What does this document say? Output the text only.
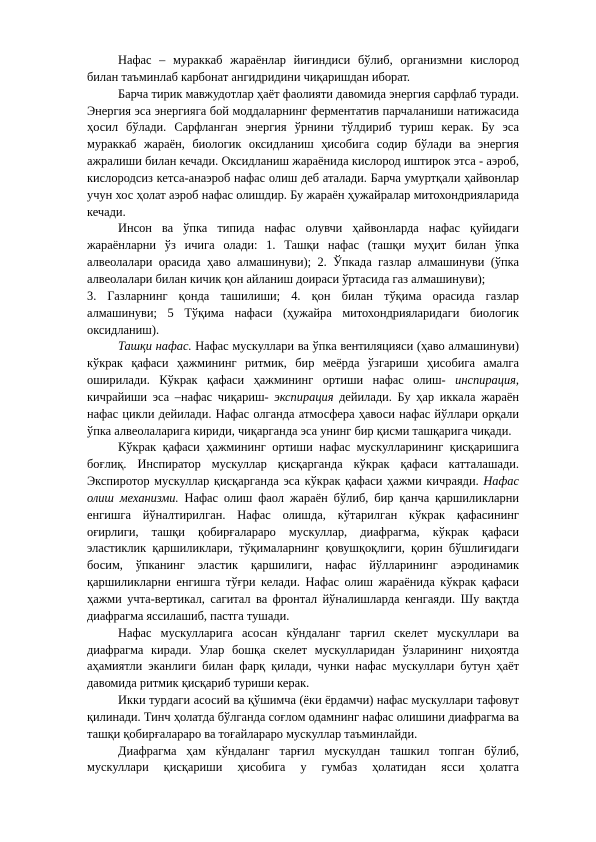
Нафас – мураккаб жараёнлар йиғиндиси бўлиб, организмни кислород билан таъминлаб карбонат ангидридини чиқаришдан иборат.

Барча тирик мавжудотлар ҳаёт фаолияти давомида энергия сарфлаб туради. Энергия эса энергияга бой моддаларнинг ферментатив парчаланиши натижасида ҳосил бўлади. Сарфланган энергия ўрнини тўлдириб туриш керак. Бу эса мураккаб жараён, биологик оксидланиш ҳисобига содир бўлади ва энергия ажралиши билан кечади. Оксидланиш жараёнида кислород иштирок этса - аэроб, кислородсиз кетса-анаэроб нафас олиш деб аталади. Барча умуртқали ҳайвонлар учун хос ҳолат аэроб нафас олишдир. Бу жараён ҳужайралар митохондрияларида кечади.

Инсон ва ўпка типида нафас олувчи ҳайвонларда нафас қуйидаги жараёнларни ўз ичига олади: 1. Ташқи нафас (ташқи муҳит билан ўпка алвеолалари орасида ҳаво алмашинуви); 2. Ўпкада газлар алмашинуви (ўпка алвеолалари билан кичик қон айланиш доираси ўртасида газ алмашинуви);

3. Газларнинг қонда ташилиши; 4. қон билан тўқима орасида газлар алмашинуви; 5 Тўқима нафаси (ҳужайра митохондрияларидаги биологик оксидланиш).

Ташқи нафас. Нафас мускуллари ва ўпка вентиляцияси (ҳаво алмашинуви) кўкрак қафаси ҳажмининг ритмик, бир меёрда ўзгариши ҳисобига амалга оширилади. Кўкрак қафаси ҳажмининг ортиши нафас олиш- инспирация, кичрайиши эса –нафас чиқариш- экспирация дейилади. Бу ҳар иккала жараён нафас цикли дейилади. Нафас олганда атмосфера ҳавоси нафас йўллари орқали ўпка алвеолаларига кириди, чиқарганда эса унинг бир қисми ташқарига чиқади.

Кўкрак қафаси ҳажмининг ортиши нафас мускулларининг қисқаришига боғлиқ. Инспиратор мускуллар қисқарганда кўкрак қафаси катталашади. Экспиротор мускуллар қисқарганда эса кўкрак қафаси ҳажми кичраяди. Нафас олиш механизми. Нафас олиш фаол жараён бўлиб, бир қанча қаршиликларни енгишга йўналтирилган. Нафас олишда, кўтарилган кўкрак қафасининг оғирлиги, ташқи қобирғалараро мускуллар, диафрагма, кўкрак қафаси эластиклик қаршиликлари, тўқималарнинг қовушқоқлиги, қорин бўшлиғидаги босим, ўпканинг эластик қаршилиги, нафас йўлларининг аэродинамик қаршиликларни енгишга тўғри келади. Нафас олиш жараёнида кўкрак қафаси ҳажми учта-вертикал, сагитал ва фронтал йўналишларда кенгаяди. Шу вақтда диафрагма яссилашиб, пастга тушади.

Нафас мускулларига асосан кўндаланг тарғил скелет мускуллари ва диафрагма киради. Улар бошқа скелет мускулларидан ўзларининг ниҳоятда аҳамиятли эканлиги билан фарқ қилади, чунки нафас мускуллари бутун ҳаёт давомида ритмик қисқариб туриши керак.

Икки турдаги асосий ва қўшимча (ёки ёрдамчи) нафас мускуллари тафовут қилинади. Тинч ҳолатда бўлганда соғлом одамнинг нафас олишини диафрагма ва ташқи қобирғалараро ва тоғайлараро мускуллар таъминлайди.

Диафрагма ҳам кўндаланг тарғил мускулдан ташкил топган бўлиб, мускуллари қисқариши ҳисобига у гумбаз ҳолатидан ясси ҳолатга
